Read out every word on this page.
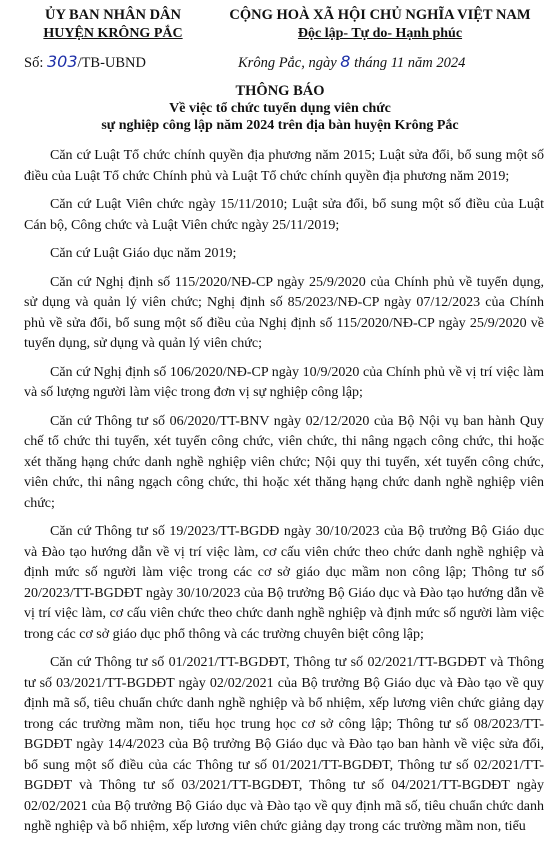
ỦY BAN NHÂN DÂN
HUYỆN KRÔNG PẮC
CỘNG HOÀ XÃ HỘI CHỦ NGHĨA VIỆT NAM
Độc lập- Tự do- Hạnh phúc
Số: 303/TB-UBND	Krông Pắc, ngày 8 tháng 11 năm 2024
THÔNG BÁO
Về việc tổ chức tuyển dụng viên chức
sự nghiệp công lập năm 2024 trên địa bàn huyện Krông Pắc

Căn cứ Luật Tổ chức chính quyền địa phương năm 2015; Luật sửa đổi, bổ sung một số điều của Luật Tổ chức Chính phủ và Luật Tổ chức chính quyền địa phương năm 2019;

Căn cứ Luật Viên chức ngày 15/11/2010; Luật sửa đổi, bổ sung một số điều của Luật Cán bộ, Công chức và Luật Viên chức ngày 25/11/2019;

Căn cứ Luật Giáo dục năm 2019;

Căn cứ Nghị định số 115/2020/NĐ-CP ngày 25/9/2020 của Chính phủ về tuyển dụng, sử dụng và quản lý viên chức; Nghị định số 85/2023/NĐ-CP ngày 07/12/2023 của Chính phủ về sửa đổi, bổ sung một số điều của Nghị định số 115/2020/NĐ-CP ngày 25/9/2020 về tuyển dụng, sử dụng và quản lý viên chức;

Căn cứ Nghị định số 106/2020/NĐ-CP ngày 10/9/2020 của Chính phủ về vị trí việc làm và số lượng người làm việc trong đơn vị sự nghiệp công lập;

Căn cứ Thông tư số 06/2020/TT-BNV ngày 02/12/2020 của Bộ Nội vụ ban hành Quy chế tổ chức thi tuyển, xét tuyển công chức, viên chức, thi nâng ngạch công chức, thi hoặc xét thăng hạng chức danh nghề nghiệp viên chức; Nội quy thi tuyển, xét tuyển công chức, viên chức, thi nâng ngạch công chức, thi hoặc xét thăng hạng chức danh nghề nghiệp viên chức;

Căn cứ Thông tư số 19/2023/TT-BGDĐ ngày 30/10/2023 của Bộ trưởng Bộ Giáo dục và Đào tạo hướng dẫn về vị trí việc làm, cơ cấu viên chức theo chức danh nghề nghiệp và định mức số người làm việc trong các cơ sở giáo dục mầm non công lập; Thông tư số 20/2023/TT-BGDĐT ngày 30/10/2023 của Bộ trưởng Bộ Giáo dục và Đào tạo hướng dẫn về vị trí việc làm, cơ cấu viên chức theo chức danh nghề nghiệp và định mức số người làm việc trong các cơ sở giáo dục phổ thông và các trường chuyên biệt công lập;

Căn cứ Thông tư số 01/2021/TT-BGDĐT, Thông tư số 02/2021/TT-BGDĐT và Thông tư số 03/2021/TT-BGDĐT ngày 02/02/2021 của Bộ trưởng Bộ Giáo dục và Đào tạo về quy định mã số, tiêu chuẩn chức danh nghề nghiệp và bổ nhiệm, xếp lương viên chức giảng dạy trong các trường mầm non, tiểu học trung học cơ sở công lập; Thông tư số 08/2023/TT-BGDĐT ngày 14/4/2023 của Bộ trưởng Bộ Giáo dục và Đào tạo ban hành về việc sửa đổi, bổ sung một số điều của các Thông tư số 01/2021/TT-BGDĐT, Thông tư số 02/2021/TT-BGDĐT và Thông tư số 03/2021/TT-BGDĐT, Thông tư số 04/2021/TT-BGDĐT ngày 02/02/2021 của Bộ trưởng Bộ Giáo dục và Đào tạo về quy định mã số, tiêu chuẩn chức danh nghề nghiệp và bổ nhiệm, xếp lương viên chức giảng dạy trong các trường mầm non, tiểu
